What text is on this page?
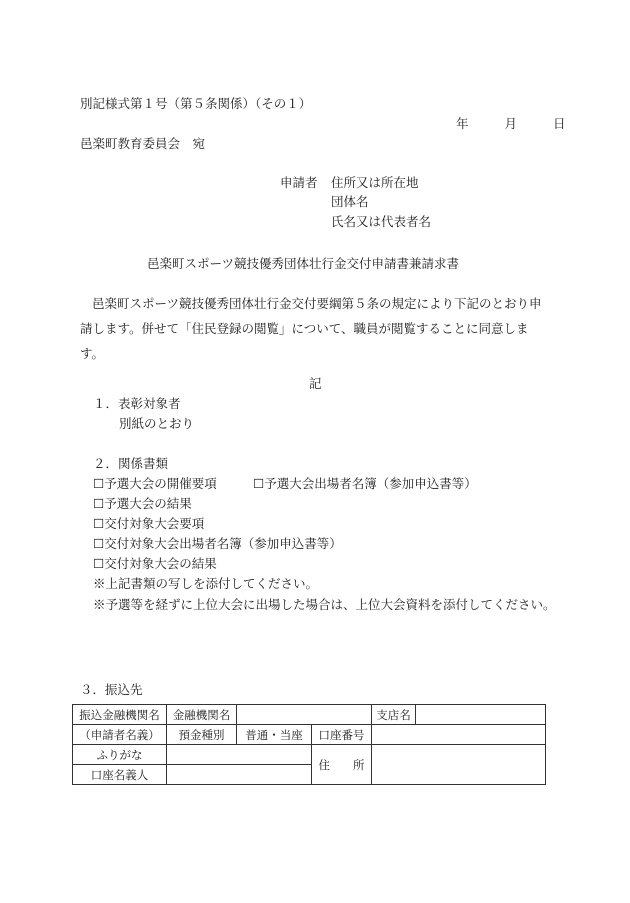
別記様式第１号（第５条関係）（その１）
年	月	日
邑楽町教育委員会　宛
申請者 住所又は所在地
団体名
氏名又は代表者名
邑楽町スポーツ競技優秀団体壮行金交付申請書兼請求書
邑楽町スポーツ競技優秀団体壮行金交付要綱第５条の規定により下記のとおり申請します。併せて「住民登録の閲覧」について、職員が閲覧することに同意します。
記
１．表彰対象者
別紙のとおり
２．関係書類
☐予選大会の開催要項	☐予選大会出場者名簿（参加申込書等）
☐予選大会の結果
☐交付対象大会要項
☐交付対象大会出場者名簿（参加申込書等）
☐交付対象大会の結果
※上記書類の写しを添付してください。
※予選等を経ずに上位大会に出場した場合は、上位大会資料を添付してください。
３．振込先
振込金融機関名	金融機関名			支店名	
（申請者名義）	預金種別	普通・当座	口座番号		
ふりがな			住　　所		
口座名義人					
